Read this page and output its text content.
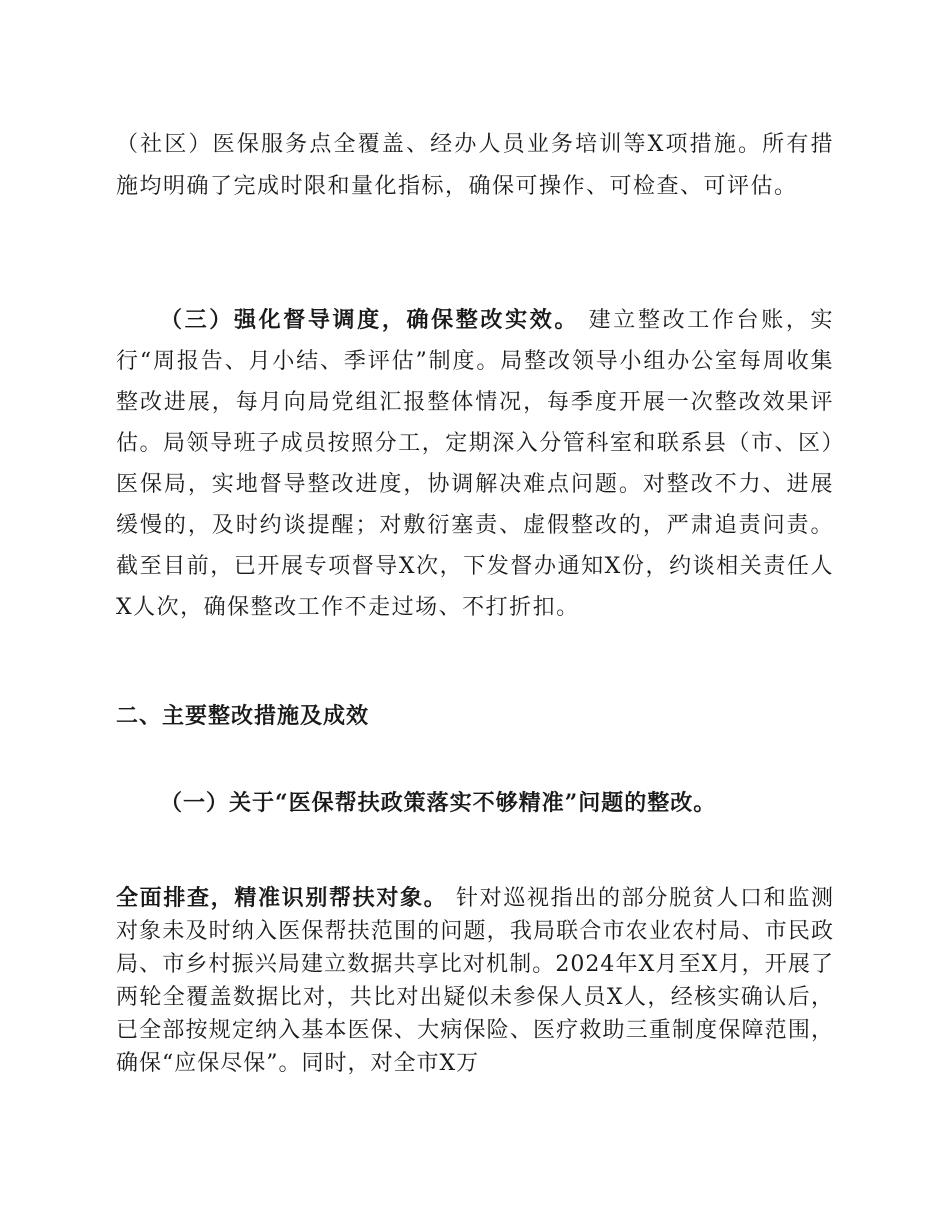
（社区）医保服务点全覆盖、经办人员业务培训等X项措施。所有措施均明确了完成时限和量化指标，确保可操作、可检查、可评估。

（三）强化督导调度，确保整改实效。 建立整改工作台账，实行“周报告、月小结、季评估”制度。局整改领导小组办公室每周收集整改进展，每月向局党组汇报整体情况，每季度开展一次整改效果评估。局领导班子成员按照分工，定期深入分管科室和联系县（市、区）医保局，实地督导整改进度，协调解决难点问题。对整改不力、进展缓慢的，及时约谈提醒；对敷衍塞责、虚假整改的，严肃追责问责。截至目前，已开展专项督导X次，下发督办通知X份，约谈相关责任人X人次，确保整改工作不走过场、不打折扣。

二、主要整改措施及成效
（一）关于“医保帮扶政策落实不够精准”问题的整改。

全面排查，精准识别帮扶对象。 针对巡视指出的部分脱贫人口和监测对象未及时纳入医保帮扶范围的问题，我局联合市农业农村局、市民政局、市乡村振兴局建立数据共享比对机制。2024年X月至X月，开展了两轮全覆盖数据比对，共比对出疑似未参保人员X人，经核实确认后，已全部按规定纳入基本医保、大病保险、医疗救助三重制度保障范围，确保“应保尽保”。同时，对全市X万
